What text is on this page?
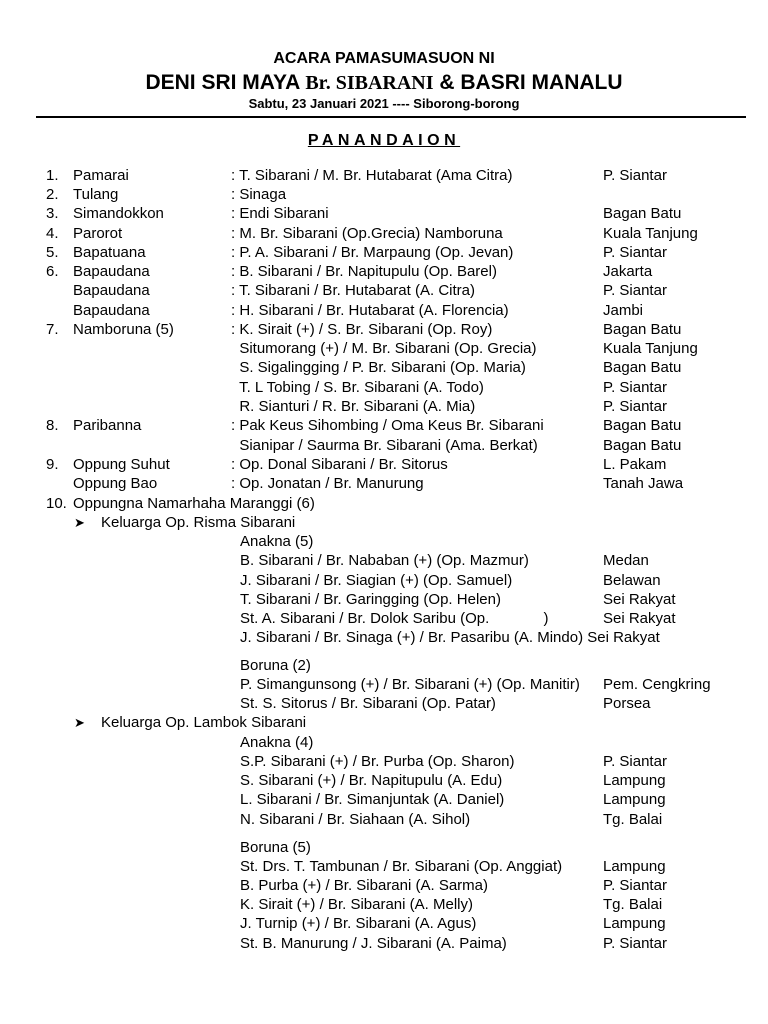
ACARA PAMASUMASUON NI
DENI SRI MAYA Br. SIBARANI & BASRI MANALU
Sabtu, 23 Januari 2021 ---- Siborong-borong
PANANDAION
1. Pamarai	: T. Sibarani / M. Br. Hutabarat (Ama Citra)	P. Siantar
2. Tulang	: Sinaga
3. Simandokkon	: Endi Sibarani	Bagan Batu
4. Parorot	: M. Br. Sibarani (Op.Grecia) Namboruna	Kuala Tanjung
5. Bapatuana	: P. A. Sibarani / Br. Marpaung (Op. Jevan)	P. Siantar
6. Bapaudana	: B. Sibarani / Br. Napitupulu (Op. Barel)	Jakarta
Bapaudana	: T. Sibarani / Br. Hutabarat (A. Citra)	P. Siantar
Bapaudana	: H. Sibarani / Br. Hutabarat (A. Florencia)	Jambi
7. Namboruna (5)	: K. Sirait (+) / S. Br. Sibarani (Op. Roy)	Bagan Batu
Situmorang (+) / M. Br. Sibarani (Op. Grecia)	Kuala Tanjung
S. Sigalingging / P. Br. Sibarani (Op. Maria)	Bagan Batu
T. L Tobing / S. Br. Sibarani (A. Todo)	P. Siantar
R. Sianturi / R. Br. Sibarani (A. Mia)	P. Siantar
8. Paribanna	: Pak Keus Sihombing / Oma Keus Br. Sibarani	Bagan Batu
Sianipar / Saurma Br. Sibarani (Ama. Berkat)	Bagan Batu
9. Oppung Suhut	: Op. Donal Sibarani / Br. Sitorus	L. Pakam
Oppung Bao	: Op. Jonatan / Br. Manurung	Tanah Jawa
10. Oppungna Namarhaha Maranggi (6)
➤ Keluarga Op. Risma Sibarani
Anakna (5)
B. Sibarani / Br. Nababan (+) (Op. Mazmur)	Medan
J. Sibarani / Br. Siagian (+) (Op. Samuel)	Belawan
T. Sibarani / Br. Garingging (Op. Helen)	Sei Rakyat
St. A. Sibarani / Br. Dolok Saribu (Op.             )	Sei Rakyat
J. Sibarani / Br. Sinaga (+) / Br. Pasaribu (A. Mindo) Sei Rakyat
Boruna (2)
P. Simangunsong (+) / Br. Sibarani (+) (Op. Manitir) Pem. Cengkring
St. S. Sitorus / Br. Sibarani (Op. Patar)	Porsea
➤ Keluarga Op. Lambok Sibarani
Anakna (4)
S.P. Sibarani (+) / Br. Purba (Op. Sharon)	P. Siantar
S. Sibarani (+) / Br. Napitupulu (A. Edu)	Lampung
L. Sibarani / Br. Simanjuntak (A. Daniel)	Lampung
N. Sibarani / Br. Siahaan (A. Sihol)	Tg. Balai
Boruna (5)
St. Drs. T. Tambunan / Br. Sibarani (Op. Anggiat)	Lampung
B. Purba (+) / Br. Sibarani (A. Sarma)	P. Siantar
K. Sirait (+) / Br. Sibarani (A. Melly)	Tg. Balai
J. Turnip (+) / Br. Sibarani (A. Agus)	Lampung
St. B. Manurung / J. Sibarani (A. Paima)	P. Siantar
